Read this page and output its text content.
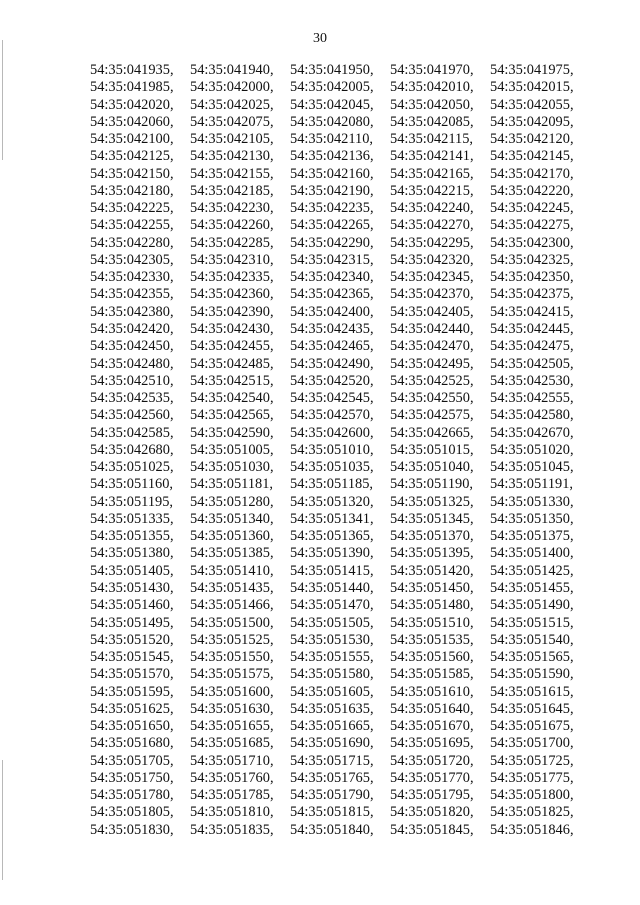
30
54:35:041935,	54:35:041940,	54:35:041950,	54:35:041970,	54:35:041975,
54:35:041985,	54:35:042000,	54:35:042005,	54:35:042010,	54:35:042015,
54:35:042020,	54:35:042025,	54:35:042045,	54:35:042050,	54:35:042055,
54:35:042060,	54:35:042075,	54:35:042080,	54:35:042085,	54:35:042095,
54:35:042100,	54:35:042105,	54:35:042110,	54:35:042115,	54:35:042120,
54:35:042125,	54:35:042130,	54:35:042136,	54:35:042141,	54:35:042145,
54:35:042150,	54:35:042155,	54:35:042160,	54:35:042165,	54:35:042170,
54:35:042180,	54:35:042185,	54:35:042190,	54:35:042215,	54:35:042220,
54:35:042225,	54:35:042230,	54:35:042235,	54:35:042240,	54:35:042245,
54:35:042255,	54:35:042260,	54:35:042265,	54:35:042270,	54:35:042275,
54:35:042280,	54:35:042285,	54:35:042290,	54:35:042295,	54:35:042300,
54:35:042305,	54:35:042310,	54:35:042315,	54:35:042320,	54:35:042325,
54:35:042330,	54:35:042335,	54:35:042340,	54:35:042345,	54:35:042350,
54:35:042355,	54:35:042360,	54:35:042365,	54:35:042370,	54:35:042375,
54:35:042380,	54:35:042390,	54:35:042400,	54:35:042405,	54:35:042415,
54:35:042420,	54:35:042430,	54:35:042435,	54:35:042440,	54:35:042445,
54:35:042450,	54:35:042455,	54:35:042465,	54:35:042470,	54:35:042475,
54:35:042480,	54:35:042485,	54:35:042490,	54:35:042495,	54:35:042505,
54:35:042510,	54:35:042515,	54:35:042520,	54:35:042525,	54:35:042530,
54:35:042535,	54:35:042540,	54:35:042545,	54:35:042550,	54:35:042555,
54:35:042560,	54:35:042565,	54:35:042570,	54:35:042575,	54:35:042580,
54:35:042585,	54:35:042590,	54:35:042600,	54:35:042665,	54:35:042670,
54:35:042680,	54:35:051005,	54:35:051010,	54:35:051015,	54:35:051020,
54:35:051025,	54:35:051030,	54:35:051035,	54:35:051040,	54:35:051045,
54:35:051160,	54:35:051181,	54:35:051185,	54:35:051190,	54:35:051191,
54:35:051195,	54:35:051280,	54:35:051320,	54:35:051325,	54:35:051330,
54:35:051335,	54:35:051340,	54:35:051341,	54:35:051345,	54:35:051350,
54:35:051355,	54:35:051360,	54:35:051365,	54:35:051370,	54:35:051375,
54:35:051380,	54:35:051385,	54:35:051390,	54:35:051395,	54:35:051400,
54:35:051405,	54:35:051410,	54:35:051415,	54:35:051420,	54:35:051425,
54:35:051430,	54:35:051435,	54:35:051440,	54:35:051450,	54:35:051455,
54:35:051460,	54:35:051466,	54:35:051470,	54:35:051480,	54:35:051490,
54:35:051495,	54:35:051500,	54:35:051505,	54:35:051510,	54:35:051515,
54:35:051520,	54:35:051525,	54:35:051530,	54:35:051535,	54:35:051540,
54:35:051545,	54:35:051550,	54:35:051555,	54:35:051560,	54:35:051565,
54:35:051570,	54:35:051575,	54:35:051580,	54:35:051585,	54:35:051590,
54:35:051595,	54:35:051600,	54:35:051605,	54:35:051610,	54:35:051615,
54:35:051625,	54:35:051630,	54:35:051635,	54:35:051640,	54:35:051645,
54:35:051650,	54:35:051655,	54:35:051665,	54:35:051670,	54:35:051675,
54:35:051680,	54:35:051685,	54:35:051690,	54:35:051695,	54:35:051700,
54:35:051705,	54:35:051710,	54:35:051715,	54:35:051720,	54:35:051725,
54:35:051750,	54:35:051760,	54:35:051765,	54:35:051770,	54:35:051775,
54:35:051780,	54:35:051785,	54:35:051790,	54:35:051795,	54:35:051800,
54:35:051805,	54:35:051810,	54:35:051815,	54:35:051820,	54:35:051825,
54:35:051830,	54:35:051835,	54:35:051840,	54:35:051845,	54:35:051846,
